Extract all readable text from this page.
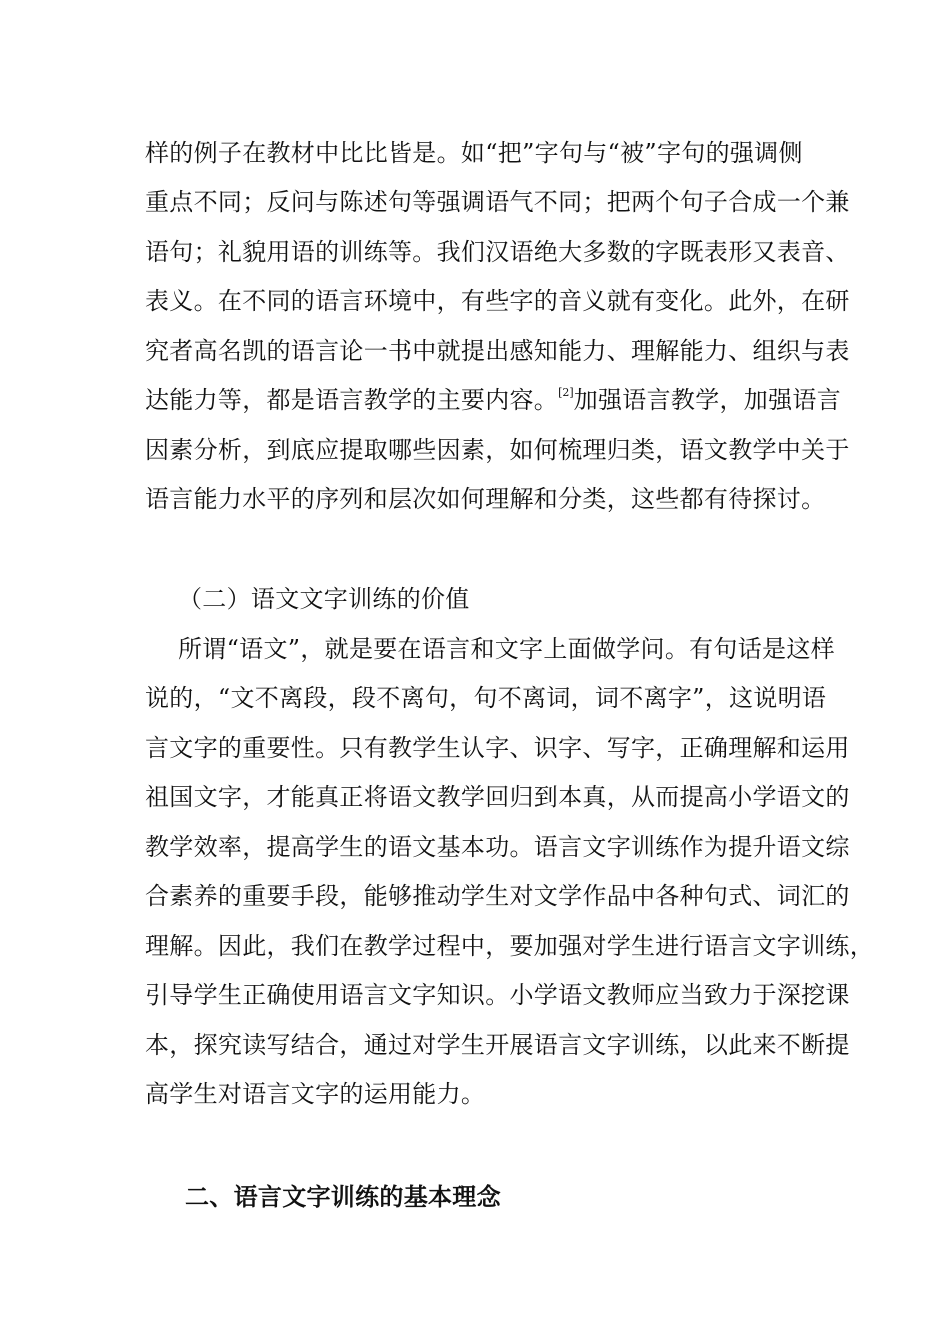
样的例子在教材中比比皆是。如“把”字句与“被”字句的强调侧
重点不同；反问与陈述句等强调语气不同；把两个句子合成一个兼
语句；礼貌用语的训练等。我们汉语绝大多数的字既表形又表音、
表义。在不同的语言环境中，有些字的音义就有变化。此外，在研
究者高名凯的语言论一书中就提出感知能力、理解能力、组织与表
达能力等，都是语言教学的主要内容。[2]加强语言教学，加强语言
因素分析，到底应提取哪些因素，如何梳理归类，语文教学中关于
语言能力水平的序列和层次如何理解和分类，这些都有待探讨。
（二）语文文字训练的价值
所谓“语文”，就是要在语言和文字上面做学问。有句话是这样
说的，“文不离段，段不离句，句不离词，词不离字”，这说明语
言文字的重要性。只有教学生认字、识字、写字，正确理解和运用
祖国文字，才能真正将语文教学回归到本真，从而提高小学语文的
教学效率，提高学生的语文基本功。语言文字训练作为提升语文综
合素养的重要手段，能够推动学生对文学作品中各种句式、词汇的
理解。因此，我们在教学过程中，要加强对学生进行语言文字训练，
引导学生正确使用语言文字知识。小学语文教师应当致力于深挖课
本，探究读写结合，通过对学生开展语言文字训练，以此来不断提
高学生对语言文字的运用能力。
二、语言文字训练的基本理念
